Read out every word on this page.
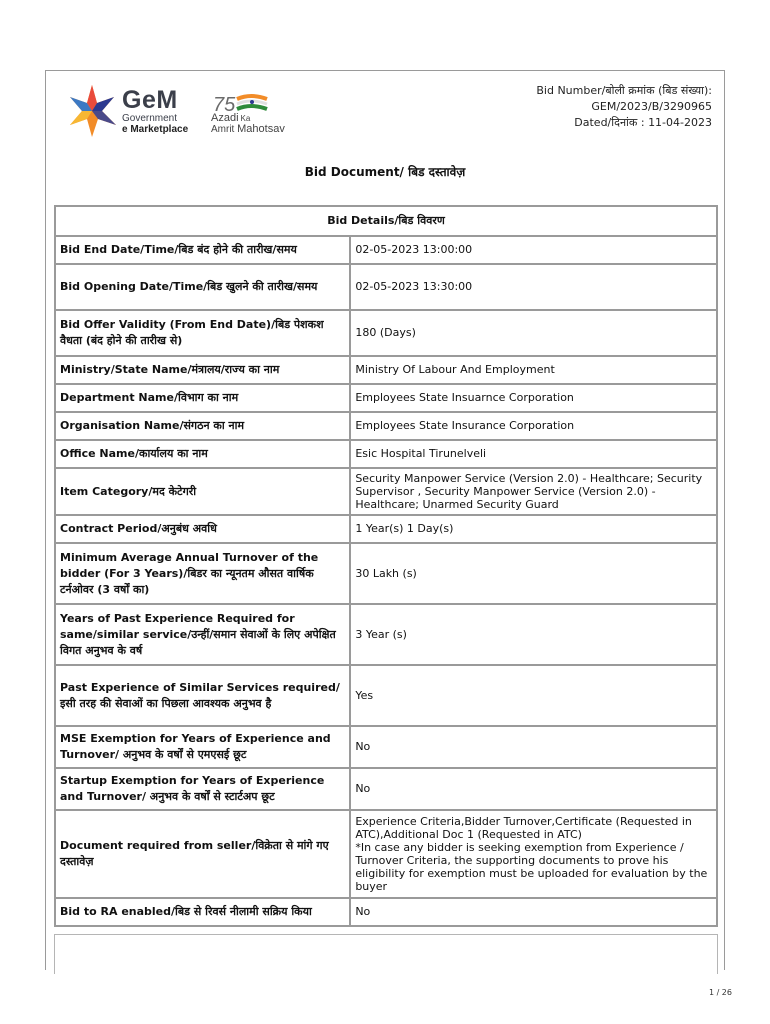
GeM
Government
e Marketplace
75
Azadi Ka
Amrit Mahotsav
Bid Number/बोली क्रमांक (बिड संख्या):
GEM/2023/B/3290965
Dated/दिनांक : 11-04-2023
Bid Document/ बिड दस्तावेज़
Bid Details/बिड विवरण	
Bid End Date/Time/बिड बंद होने की तारीख/समय	02-05-2023 13:00:00
Bid Opening Date/Time/बिड खुलने की तारीख/समय	02-05-2023 13:30:00
Bid Offer Validity (From End Date)/बिड पेशकश वैधता (बंद होने की तारीख से)	180 (Days)
Ministry/State Name/मंत्रालय/राज्य का नाम	Ministry Of Labour And Employment
Department Name/विभाग का नाम	Employees State Insuarnce Corporation
Organisation Name/संगठन का नाम	Employees State Insurance Corporation
Office Name/कार्यालय का नाम	Esic Hospital Tirunelveli
Item Category/मद केटेगरी	Security Manpower Service (Version 2.0) - Healthcare; Security Supervisor , Security Manpower Service (Version 2.0) - Healthcare; Unarmed Security Guard
Contract Period/अनुबंध अवधि	1 Year(s) 1 Day(s)
Minimum Average Annual Turnover of the bidder (For 3 Years)/बिडर का न्यूनतम औसत वार्षिक टर्नओवर (3 वर्षों का)	30 Lakh (s)
Years of Past Experience Required for same/similar service/उन्हीं/समान सेवाओं के लिए अपेक्षित विगत अनुभव के वर्ष	3 Year (s)
Past Experience of Similar Services required/इसी तरह की सेवाओं का पिछला आवश्यक अनुभव है	Yes
MSE Exemption for Years of Experience and Turnover/ अनुभव के वर्षों से एमएसई छूट	No
Startup Exemption for Years of Experience and Turnover/ अनुभव के वर्षों से स्टार्टअप छूट	No
Document required from seller/विक्रेता से मांगे गए दस्तावेज़	Experience Criteria,Bidder Turnover,Certificate (Requested in ATC),Additional Doc 1 (Requested in ATC)
*In case any bidder is seeking exemption from Experience / Turnover Criteria, the supporting documents to prove his eligibility for exemption must be uploaded for evaluation by the buyer

Bid to RA enabled/बिड से रिवर्स नीलामी सक्रिय किया	No
1 / 26
